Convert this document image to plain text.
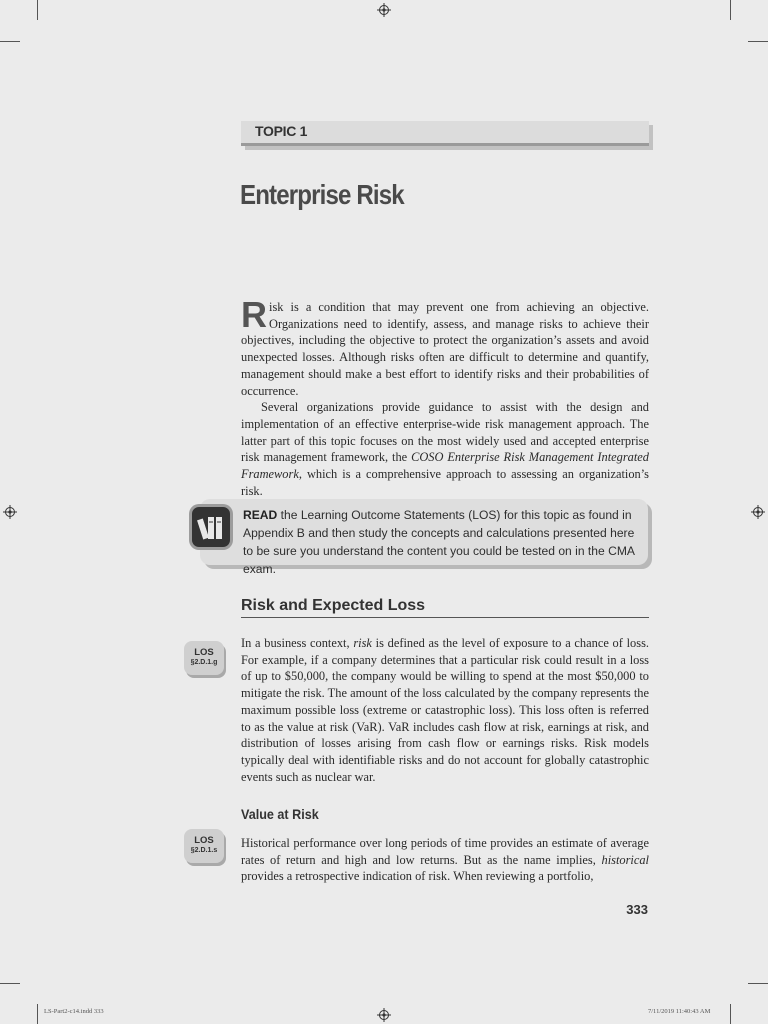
TOPIC 1
Enterprise Risk

Risk is a condition that may prevent one from achieving an objective. Organizations need to identify, assess, and manage risks to achieve their objectives, including the objective to protect the organization’s assets and avoid unexpected losses. Although risks often are difficult to determine and quantify, management should make a best effort to identify risks and their probabilities of occurrence.

Several organizations provide guidance to assist with the design and implementation of an effective enterprise-wide risk management approach. The latter part of this topic focuses on the most widely used and accepted enterprise risk management framework, the COSO Enterprise Risk Management Integrated Framework, which is a comprehensive approach to assessing an organization’s risk.

READ the Learning Outcome Statements (LOS) for this topic as found in Appendix B and then study the concepts and calculations presented here to be sure you understand the content you could be tested on in the CMA exam.
Risk and Expected Loss
LOS
§2.D.1.g

In a business context, risk is defined as the level of exposure to a chance of loss. For example, if a company determines that a particular risk could result in a loss of up to $50,000, the company would be willing to spend at the most $50,000 to mitigate the risk. The amount of the loss calculated by the company represents the maximum possible loss (extreme or catastrophic loss). This loss often is referred to as the value at risk (VaR). VaR includes cash flow at risk, earnings at risk, and distribution of losses arising from cash flow or earnings risks. Risk models typically deal with identifiable risks and do not account for globally catastrophic events such as nuclear war.

Value at Risk
LOS
§2.D.1.s

Historical performance over long periods of time provides an estimate of average rates of return and high and low returns. But as the name implies, historical provides a retrospective indication of risk. When reviewing a portfolio,

333
LS-Part2-c14.indd 333	7/11/2019 11:40:43 AM
